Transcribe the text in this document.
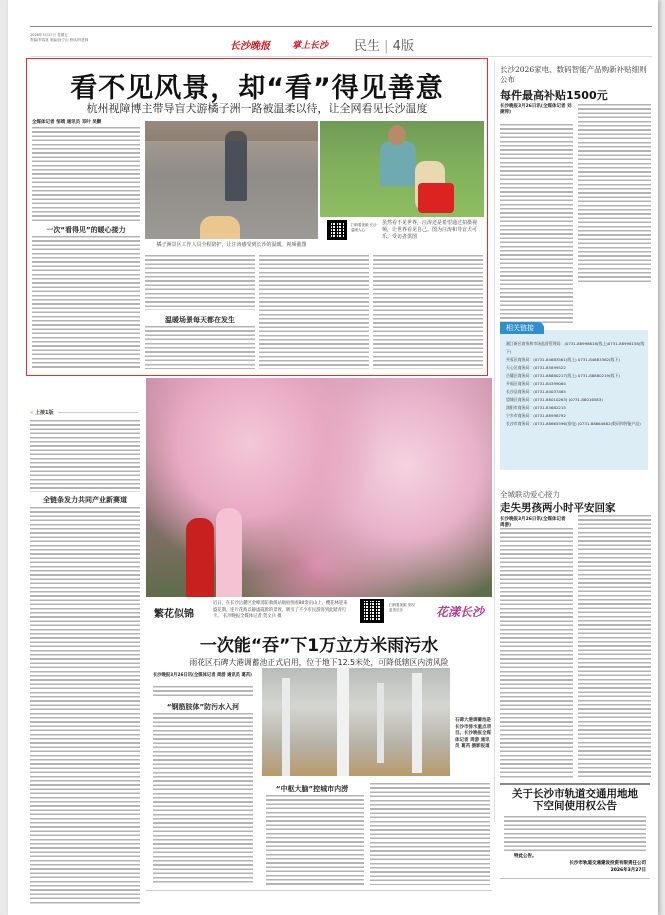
2026年3月27日 星期五
责编/李春喜 美编/涂宁山 校读/肖进林
长沙晚报 掌上长沙 民生 | 4版
看不见风景，却“看”得见善意
杭州视障博主带导盲犬游橘子洲一路被温柔以待，让全网看见长沙温度
全媒体记者 邹靖 通讯员 邓叶 吴颢
一次“看得见”的暖心接力
橘子洲景区工作人员全程陪护，让汪涛感受到长沙的温暖。视频截图
扫码看视频 长沙温暖人心
虽然看不见世界，汪涛还是希望通过拍摄视频，让世界看见自己。图为汪涛和导盲犬可乐。受访者供图
温暖场景每天都在发生
« 上接1版
全链条发力共同产业新赛道
繁花似锦
近日，在长沙岳麓区金峰消防救援站航拍图看80余亩山上，樱花林迎来盛花期。连片花海以静谧霞蔚的景致，吸引了不少市民游客到此踏青打卡。 长沙晚报全媒体记者 贺文兵 摄
扫码看视频 发现更美长沙	花漾长沙
一次能“吞”下1万立方米雨污水
雨花区石碑大港调蓄池正式启用，位于地下12.5米处，可降低辖区内涝风险
长沙晚报3月26日讯(全媒体记者 周游 通讯员 葛芮)
“钢筋肢体”防污水入河
石碑大港调蓄池是长沙市排水重点项目。长沙晚报全媒体记者 周游 通讯员 葛芮 摄影报道
“中枢大脑”控城市内涝
长沙2026家电、数码智能产品购新补贴细则公布
每件最高补贴1500元
长沙晚报3月26日讯(全媒体记者 刘捷萍)
相关链接
湘江新区商务和市场监督管理局：(0731-88998618(线上)0731-88998158(线下)
芙蓉区商务局：(0731-84683561(线上) 0731-84683362(线下)
天心区商务局：(0731-85899522
岳麓区商务局：(0731-88880217(线上) 0731-88880219(线下)
开福区商务局：(0731-84399064
长沙县商务局：(0731-84037465
望城区商务局：(0731-88010263) (0731-88016583)
浏阳市商务局：(0731-83682215
宁乡市商务局：(0731-88998792
长沙市商务局：(0731-88665596(家电) (0731-88664682(数码和智能产品)
全城联动爱心接力
走失男孩两小时平安回家
长沙晚报3月26日讯(全媒体记者 周游)
关于长沙市轨道交通用地地下空间使用权公告
特此公告。
长沙市轨道交通建设投资有限责任公司
2026年3月27日
